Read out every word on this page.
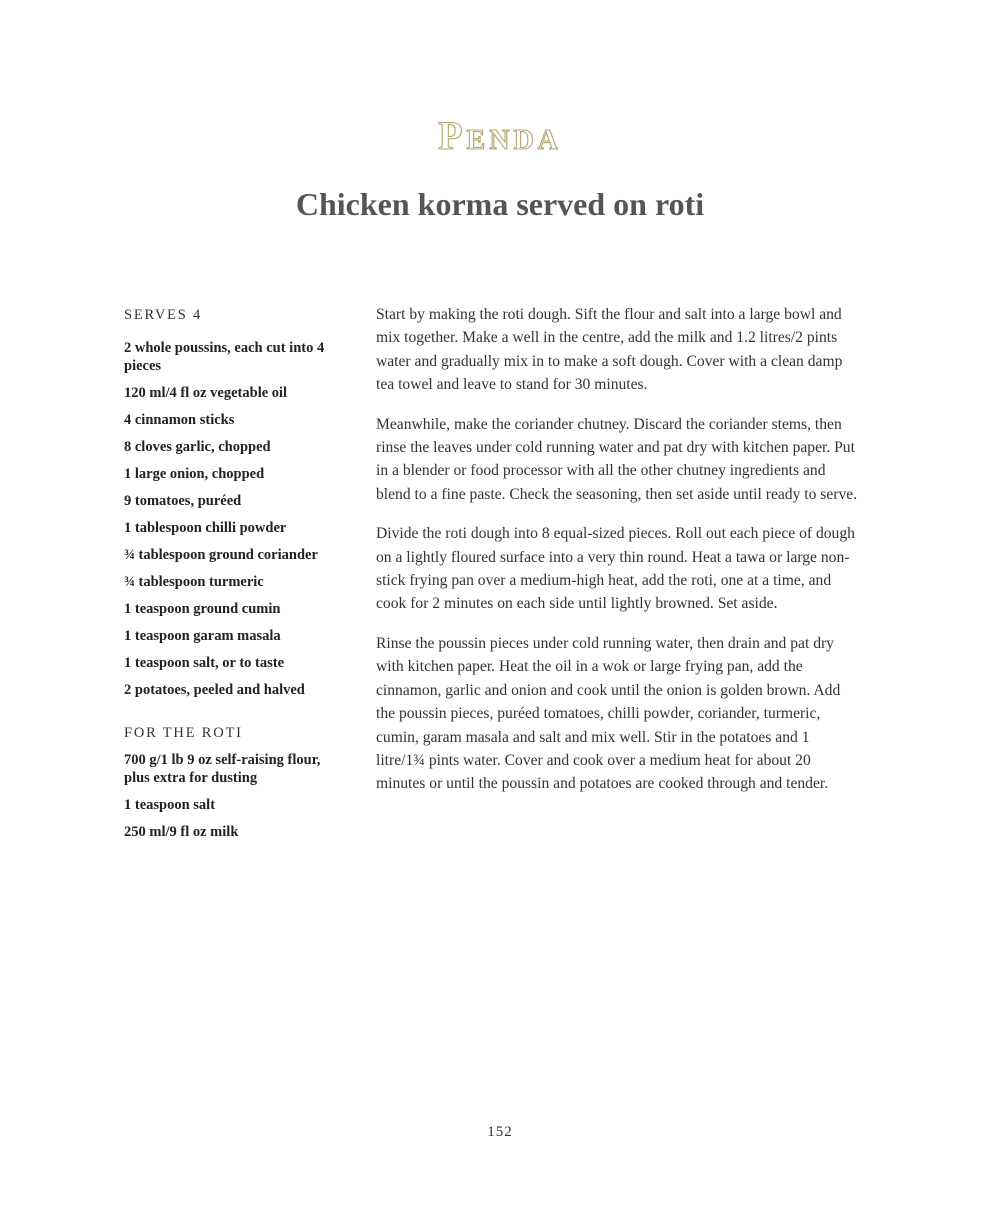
Penda
Chicken korma served on roti
SERVES 4
2 whole poussins, each cut into 4 pieces
120 ml/4 fl oz vegetable oil
4 cinnamon sticks
8 cloves garlic, chopped
1 large onion, chopped
9 tomatoes, puréed
1 tablespoon chilli powder
¾ tablespoon ground coriander
¾ tablespoon turmeric
1 teaspoon ground cumin
1 teaspoon garam masala
1 teaspoon salt, or to taste
2 potatoes, peeled and halved
FOR THE ROTI
700 g/1 lb 9 oz self-raising flour, plus extra for dusting
1 teaspoon salt
250 ml/9 fl oz milk

Start by making the roti dough. Sift the flour and salt into a large bowl and mix together. Make a well in the centre, add the milk and 1.2 litres/2 pints water and gradually mix in to make a soft dough. Cover with a clean damp tea towel and leave to stand for 30 minutes.

Meanwhile, make the coriander chutney. Discard the coriander stems, then rinse the leaves under cold running water and pat dry with kitchen paper. Put in a blender or food processor with all the other chutney ingredients and blend to a fine paste. Check the seasoning, then set aside until ready to serve.

Divide the roti dough into 8 equal-sized pieces. Roll out each piece of dough on a lightly floured surface into a very thin round. Heat a tawa or large non-stick frying pan over a medium-high heat, add the roti, one at a time, and cook for 2 minutes on each side until lightly browned. Set aside.

Rinse the poussin pieces under cold running water, then drain and pat dry with kitchen paper. Heat the oil in a wok or large frying pan, add the cinnamon, garlic and onion and cook until the onion is golden brown. Add the poussin pieces, puréed tomatoes, chilli powder, coriander, turmeric, cumin, garam masala and salt and mix well. Stir in the potatoes and 1 litre/1¾ pints water. Cover and cook over a medium heat for about 20 minutes or until the poussin and potatoes are cooked through and tender.

152
